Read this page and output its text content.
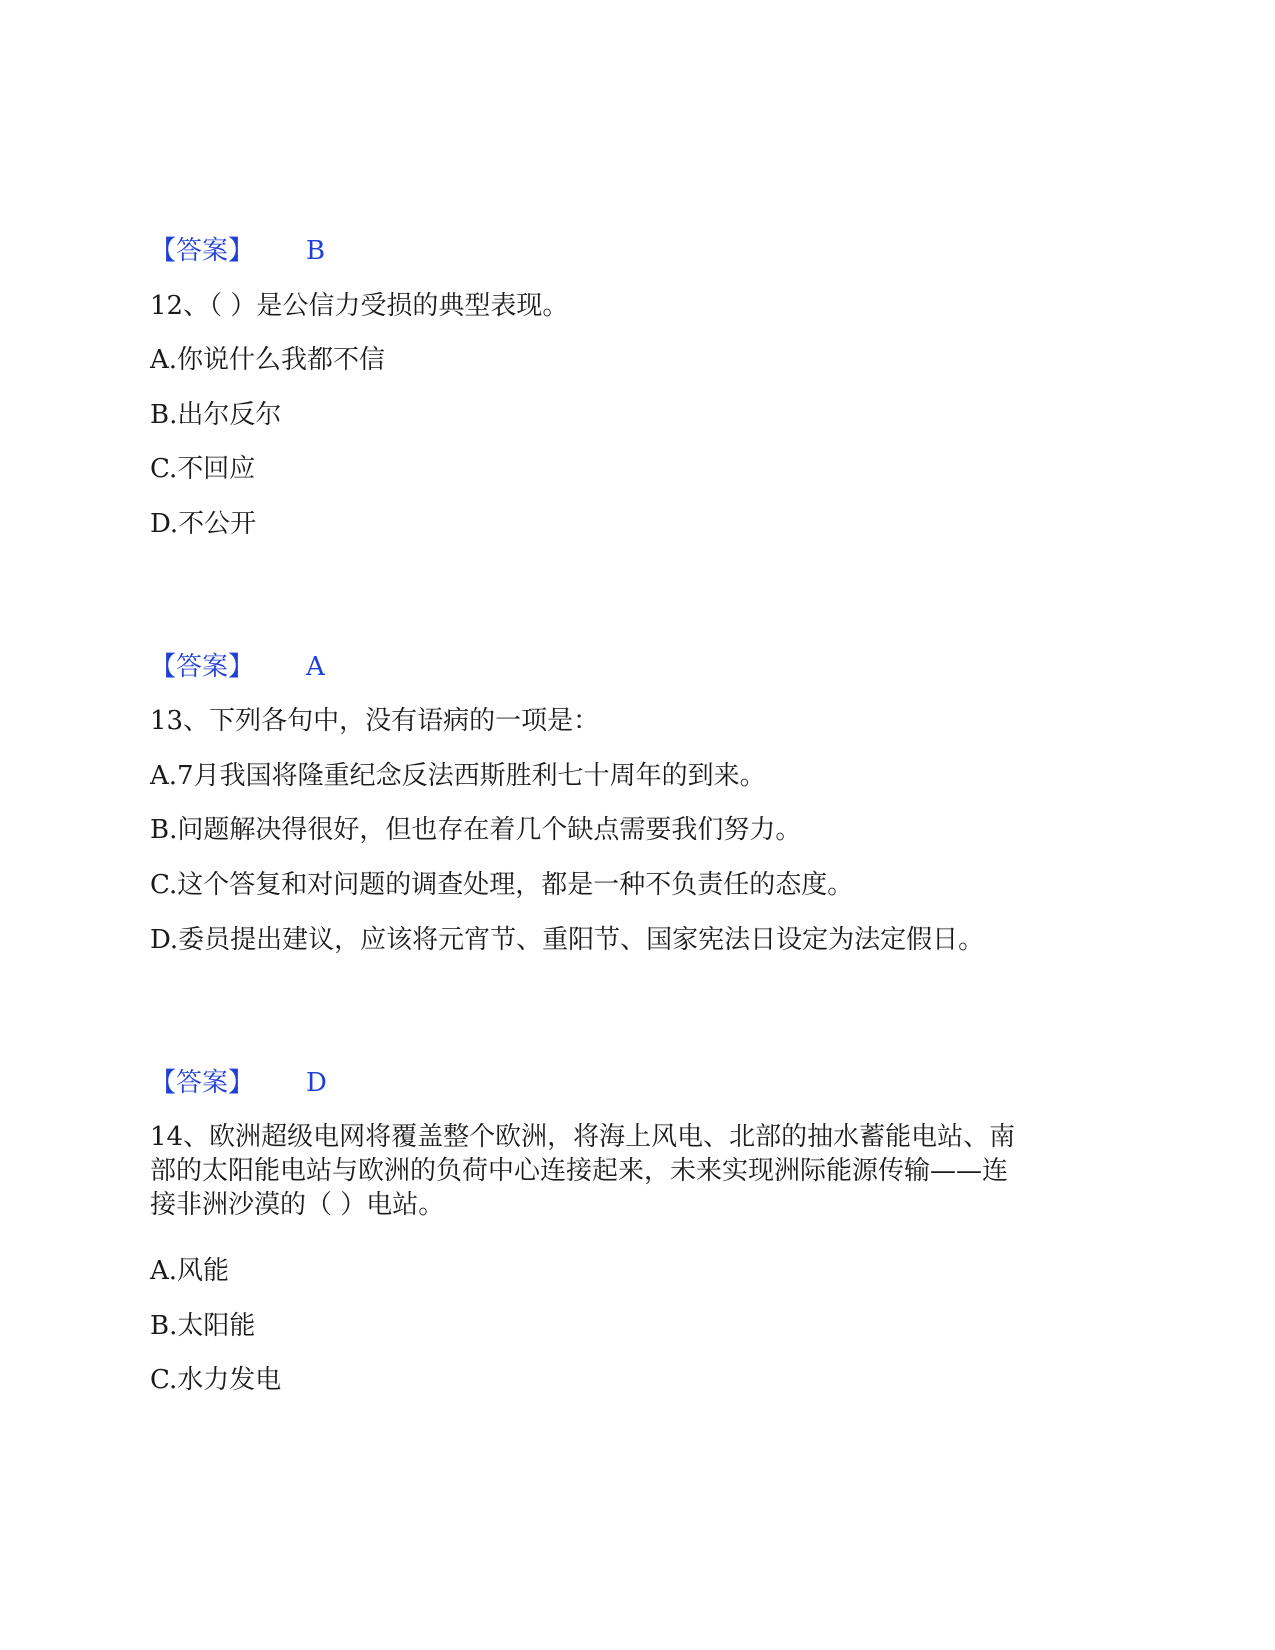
【答案】 B
12、（ ）是公信力受损的典型表现。
A.你说什么我都不信
B.出尔反尔
C.不回应
D.不公开
【答案】 A
13、下列各句中，没有语病的一项是：
A.7月我国将隆重纪念反法西斯胜利七十周年的到来。
B.问题解决得很好，但也存在着几个缺点需要我们努力。
C.这个答复和对问题的调查处理，都是一种不负责任的态度。
D.委员提出建议，应该将元宵节、重阳节、国家宪法日设定为法定假日。
【答案】 D
14、欧洲超级电网将覆盖整个欧洲，将海上风电、北部的抽水蓄能电站、南
部的太阳能电站与欧洲的负荷中心连接起来，未来实现洲际能源传输——连
接非洲沙漠的（ ）电站。
A.风能
B.太阳能
C.水力发电
